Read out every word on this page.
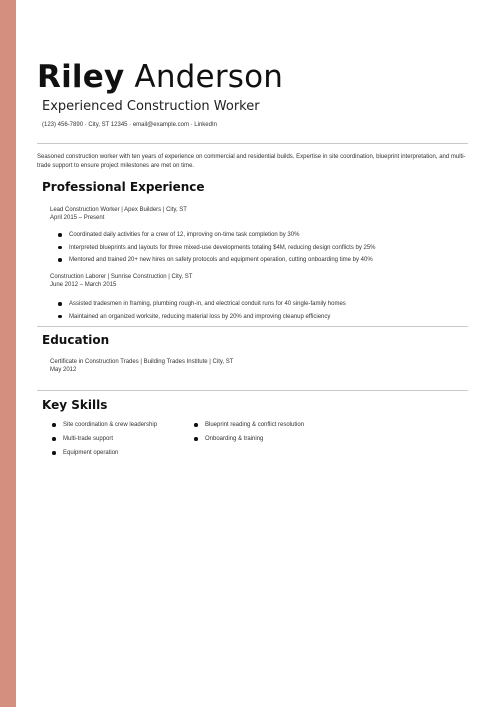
Riley Anderson
Experienced Construction Worker
(123) 456-7890 · City, ST 12345 · email@example.com · LinkedIn
Seasoned construction worker with ten years of experience on commercial and residential builds. Expertise in site coordination, blueprint interpretation, and multi-trade support to ensure project milestones are met on time.
Professional Experience
Lead Construction Worker | Apex Builders | City, ST
April 2015 – Present
Coordinated daily activities for a crew of 12, improving on-time task completion by 30%
Interpreted blueprints and layouts for three mixed-use developments totaling $4M, reducing design conflicts by 25%
Mentored and trained 20+ new hires on safety protocols and equipment operation, cutting onboarding time by 40%
Construction Laborer | Sunrise Construction | City, ST
June 2012 – March 2015
Assisted tradesmen in framing, plumbing rough-in, and electrical conduit runs for 40 single-family homes
Maintained an organized worksite, reducing material loss by 20% and improving cleanup efficiency
Education
Certificate in Construction Trades | Building Trades Institute | City, ST
May 2012
Key Skills
Site coordination & crew leadership	Blueprint reading & conflict resolution
Multi-trade support	Onboarding & training
Equipment operation
